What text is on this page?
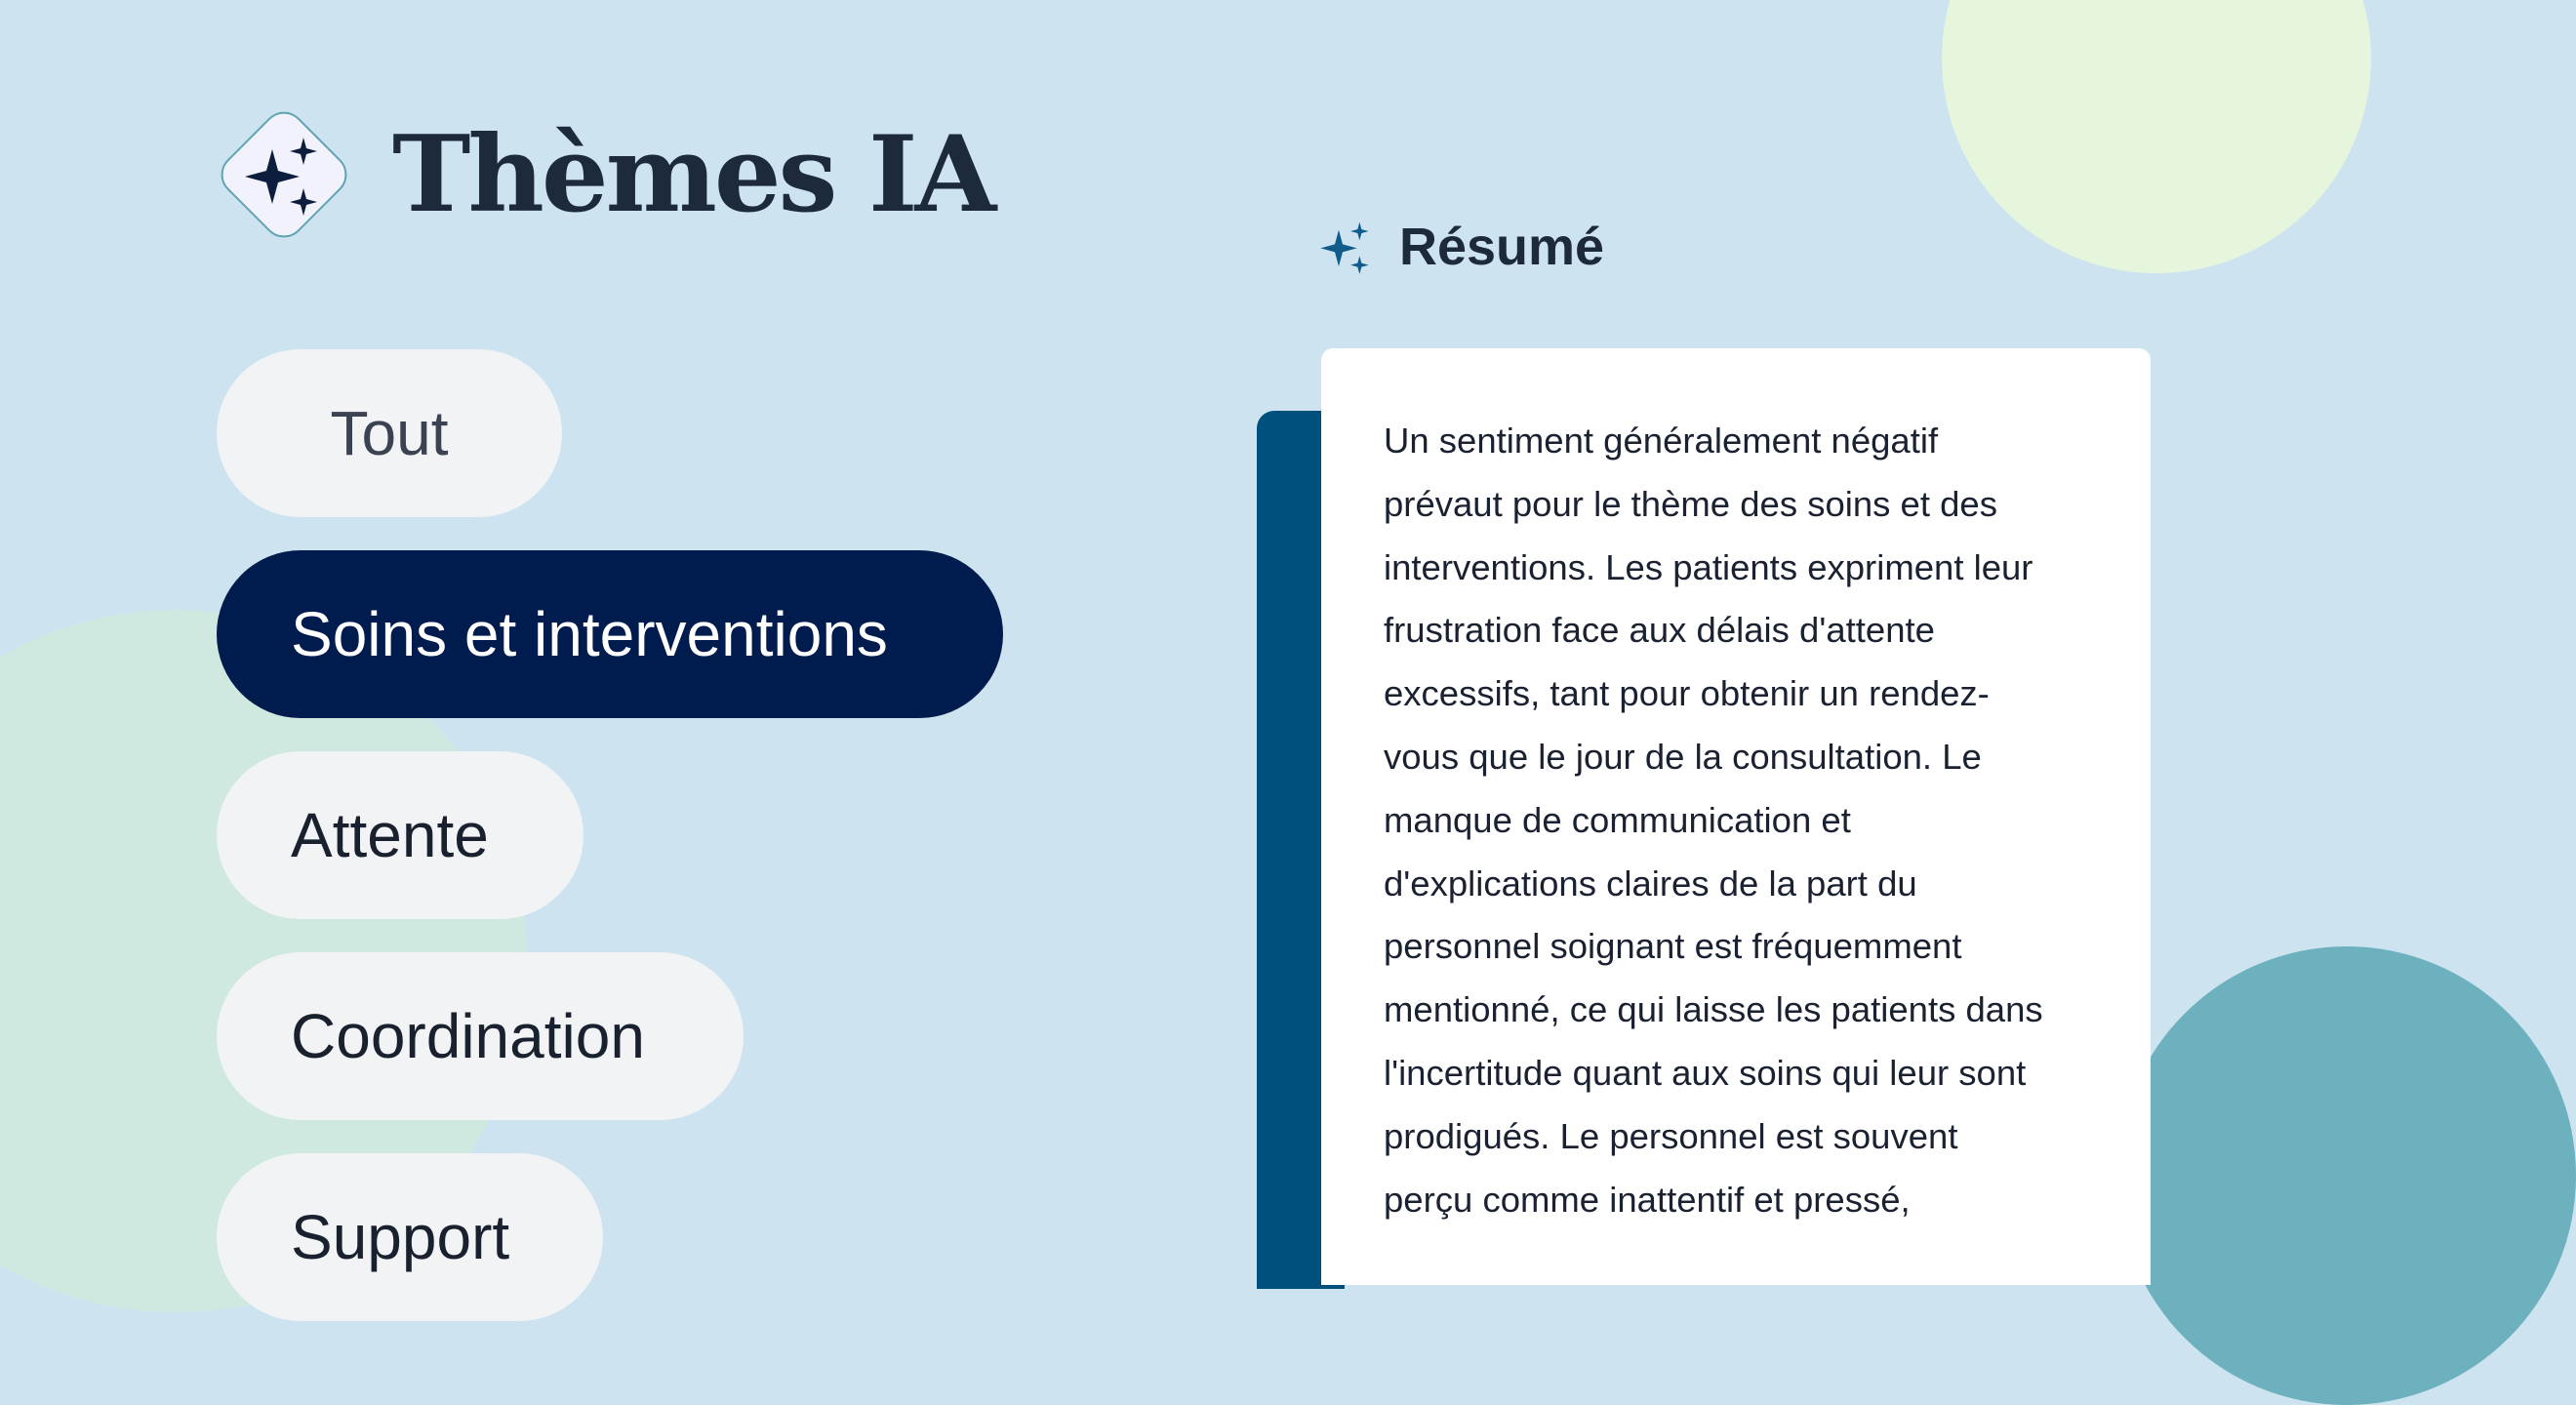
Thèmes IA
Tout
Soins et interventions
Attente
Coordination
Support
Résumé

Un sentiment généralement négatif
prévaut pour le thème des soins et des
interventions. Les patients expriment leur
frustration face aux délais d'attente
excessifs, tant pour obtenir un rendez-
vous que le jour de la consultation. Le
manque de communication et
d'explications claires de la part du
personnel soignant est fréquemment
mentionné, ce qui laisse les patients dans
l'incertitude quant aux soins qui leur sont
prodigués. Le personnel est souvent
perçu comme inattentif et pressé,
